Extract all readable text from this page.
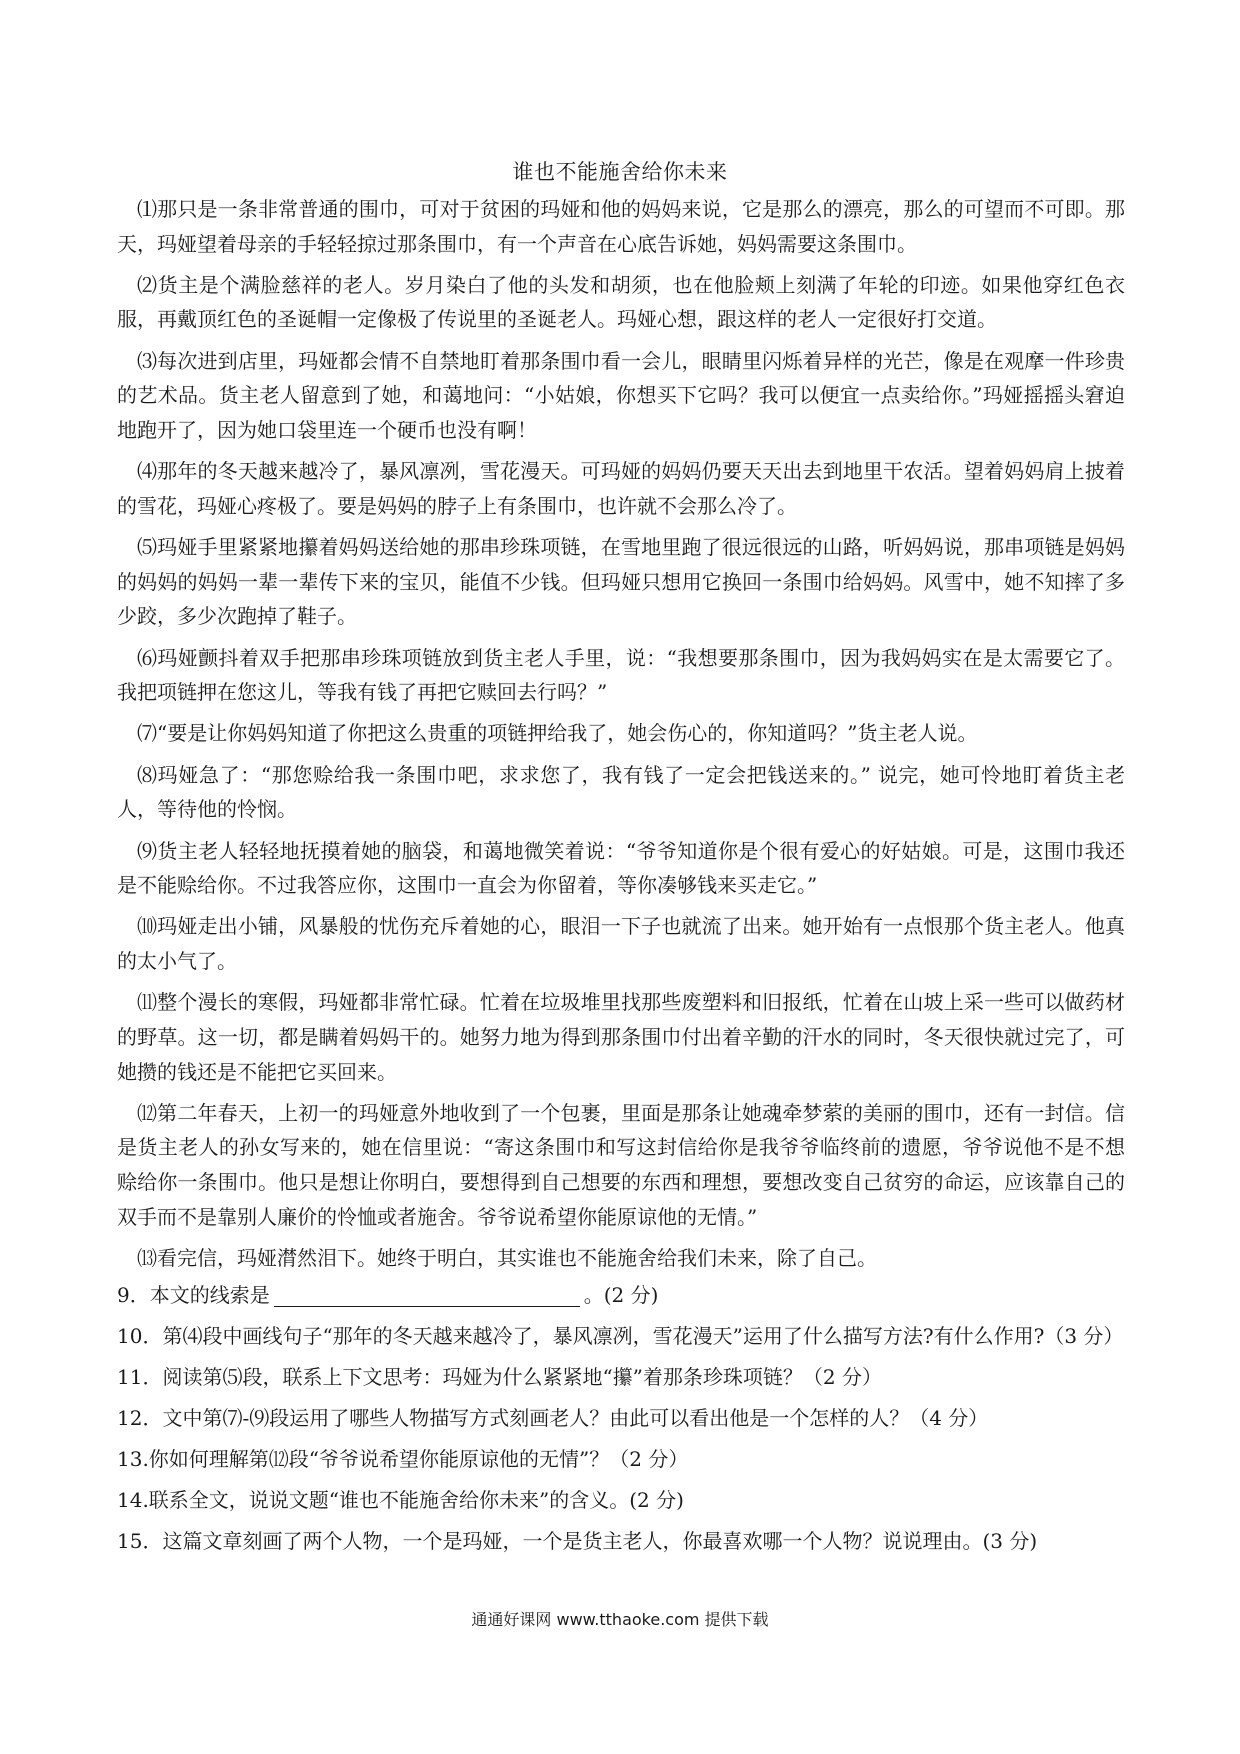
谁也不能施舍给你未来

⑴那只是一条非常普通的围巾，可对于贫困的玛娅和他的妈妈来说，它是那么的漂亮，那么的可望而不可即。那天，玛娅望着母亲的手轻轻掠过那条围巾，有一个声音在心底告诉她，妈妈需要这条围巾。

⑵货主是个满脸慈祥的老人。岁月染白了他的头发和胡须，也在他脸颊上刻满了年轮的印迹。如果他穿红色衣服，再戴顶红色的圣诞帽一定像极了传说里的圣诞老人。玛娅心想，跟这样的老人一定很好打交道。

⑶每次进到店里，玛娅都会情不自禁地盯着那条围巾看一会儿，眼睛里闪烁着异样的光芒，像是在观摩一件珍贵的艺术品。货主老人留意到了她，和蔼地问：“小姑娘，你想买下它吗？我可以便宜一点卖给你。”玛娅摇摇头窘迫地跑开了，因为她口袋里连一个硬币也没有啊！

⑷那年的冬天越来越冷了，暴风凛冽，雪花漫天。可玛娅的妈妈仍要天天出去到地里干农活。望着妈妈肩上披着的雪花，玛娅心疼极了。要是妈妈的脖子上有条围巾，也许就不会那么冷了。

⑸玛娅手里紧紧地攥着妈妈送给她的那串珍珠项链，在雪地里跑了很远很远的山路，听妈妈说，那串项链是妈妈的妈妈的妈妈一辈一辈传下来的宝贝，能值不少钱。但玛娅只想用它换回一条围巾给妈妈。风雪中，她不知摔了多少跤，多少次跑掉了鞋子。

⑹玛娅颤抖着双手把那串珍珠项链放到货主老人手里，说：“我想要那条围巾，因为我妈妈实在是太需要它了。我把项链押在您这儿，等我有钱了再把它赎回去行吗？”

⑺“要是让你妈妈知道了你把这么贵重的项链押给我了，她会伤心的，你知道吗？”货主老人说。

⑻玛娅急了：“那您赊给我一条围巾吧，求求您了，我有钱了一定会把钱送来的。” 说完，她可怜地盯着货主老人，等待他的怜悯。

⑼货主老人轻轻地抚摸着她的脑袋，和蔼地微笑着说：“爷爷知道你是个很有爱心的好姑娘。可是，这围巾我还是不能赊给你。不过我答应你，这围巾一直会为你留着，等你凑够钱来买走它。”

⑽玛娅走出小铺，风暴般的忧伤充斥着她的心，眼泪一下子也就流了出来。她开始有一点恨那个货主老人。他真的太小气了。

⑾整个漫长的寒假，玛娅都非常忙碌。忙着在垃圾堆里找那些废塑料和旧报纸，忙着在山坡上采一些可以做药材的野草。这一切，都是瞒着妈妈干的。她努力地为得到那条围巾付出着辛勤的汗水的同时，冬天很快就过完了，可她攒的钱还是不能把它买回来。

⑿第二年春天，上初一的玛娅意外地收到了一个包裹，里面是那条让她魂牵梦萦的美丽的围巾，还有一封信。信是货主老人的孙女写来的，她在信里说：“寄这条围巾和写这封信给你是我爷爷临终前的遗愿，爷爷说他不是不想赊给你一条围巾。他只是想让你明白，要想得到自己想要的东西和理想，要想改变自己贫穷的命运，应该靠自己的双手而不是靠别人廉价的怜恤或者施舍。爷爷说希望你能原谅他的无情。”

⒀看完信，玛娅潸然泪下。她终于明白，其实谁也不能施舍给我们未来，除了自己。

9．本文的线索是	。(2 分)

10．第⑷段中画线句子“那年的冬天越来越冷了，暴风凛冽，雪花漫天”运用了什么描写方法?有什么作用?（3 分）

11．阅读第⑸段，联系上下文思考：玛娅为什么紧紧地“攥”着那条珍珠项链？（2 分）

12．文中第⑺-⑼段运用了哪些人物描写方式刻画老人？由此可以看出他是一个怎样的人？（4 分）

13.你如何理解第⑿段“爷爷说希望你能原谅他的无情”？（2 分）

14.联系全文，说说文题“谁也不能施舍给你未来”的含义。(2 分)

15．这篇文章刻画了两个人物，一个是玛娅，一个是货主老人，你最喜欢哪一个人物？说说理由。(3 分)

通通好课网 www.tthaoke.com 提供下载
